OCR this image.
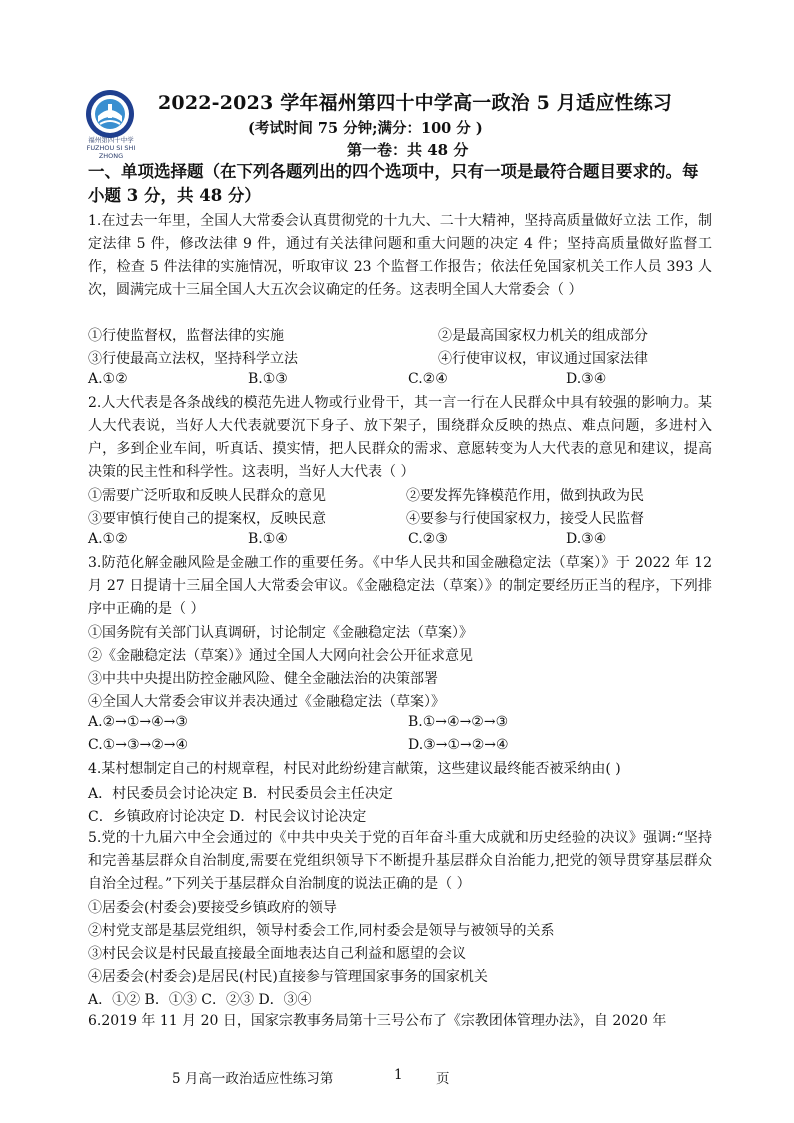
福州第四十中学
FUZHOU SI SHI ZHONG
2022-2023 学年福州第四十中学高一政治 5 月适应性练习
(考试时间 75 分钟;满分：100 分 )
第一卷：共 48 分
一、单项选择题（在下列各题列出的四个选项中，只有一项是最符合题目要求的。每小题 3 分，共 48 分）
1.在过去一年里，全国人大常委会认真贯彻党的十九大、二十大精神，坚持高质量做好立法 工作，制定法律 5 件，修改法律 9 件，通过有关法律问题和重大问题的决定 4 件；坚持高质量做好监督工作，检查 5 件法律的实施情况，听取审议 23 个监督工作报告；依法任免国家机关工作人员 393 人次，圆满完成十三届全国人大五次会议确定的任务。这表明全国人大常委会（ ）
①行使监督权，监督法律的实施	②是最高国家权力机关的组成部分
③行使最高立法权，坚持科学立法	④行使审议权，审议通过国家法律
A.①②	B.①③	C.②④	D.③④
2.人大代表是各条战线的模范先进人物或行业骨干，其一言一行在人民群众中具有较强的影响力。某人大代表说，当好人大代表就要沉下身子、放下架子，围绕群众反映的热点、难点问题，多进村入户，多到企业车间，听真话、摸实情，把人民群众的需求、意愿转变为人大代表的意见和建议，提高决策的民主性和科学性。这表明，当好人大代表（ ）
①需要广泛听取和反映人民群众的意见	②要发挥先锋模范作用，做到执政为民
③要审慎行使自己的提案权，反映民意	④要参与行使国家权力，接受人民监督
A.①②	B.①④	C.②③	D.③④
3.防范化解金融风险是金融工作的重要任务。《中华人民共和国金融稳定法（草案）》于 2022 年 12 月 27 日提请十三届全国人大常委会审议。《金融稳定法（草案）》的制定要经历正当的程序，下列排序中正确的是（ ）
①国务院有关部门认真调研，讨论制定《金融稳定法（草案）》
②《金融稳定法（草案）》通过全国人大网向社会公开征求意见
③中共中央提出防控金融风险、健全金融法治的决策部署
④全国人大常委会审议并表决通过《金融稳定法（草案）》
A.②→①→④→③	B.①→④→②→③
C.①→③→②→④	D.③→①→②→④
4.某村想制定自己的村规章程，村民对此纷纷建言献策，这些建议最终能否被采纳由( )
A．村民委员会讨论决定 B．村民委员会主任决定
C．乡镇政府讨论决定 D．村民会议讨论决定
5.党的十九届六中全会通过的《中共中央关于党的百年奋斗重大成就和历史经验的决议》强调:“坚持和完善基层群众自治制度,需要在党组织领导下不断提升基层群众自治能力,把党的领导贯穿基层群众自治全过程。”下列关于基层群众自治制度的说法正确的是（ ）
①居委会(村委会)要接受乡镇政府的领导
②村党支部是基层党组织，领导村委会工作,同村委会是领导与被领导的关系
③村民会议是村民最直接最全面地表达自己利益和愿望的会议
④居委会(村委会)是居民(村民)直接参与管理国家事务的国家机关
A．①② B．①③ C．②③ D．③④
6.2019 年 11 月 20 日，国家宗教事务局第十三号公布了《宗教团体管理办法》，自 2020 年
5 月高一政治适应性练习第	1 页
